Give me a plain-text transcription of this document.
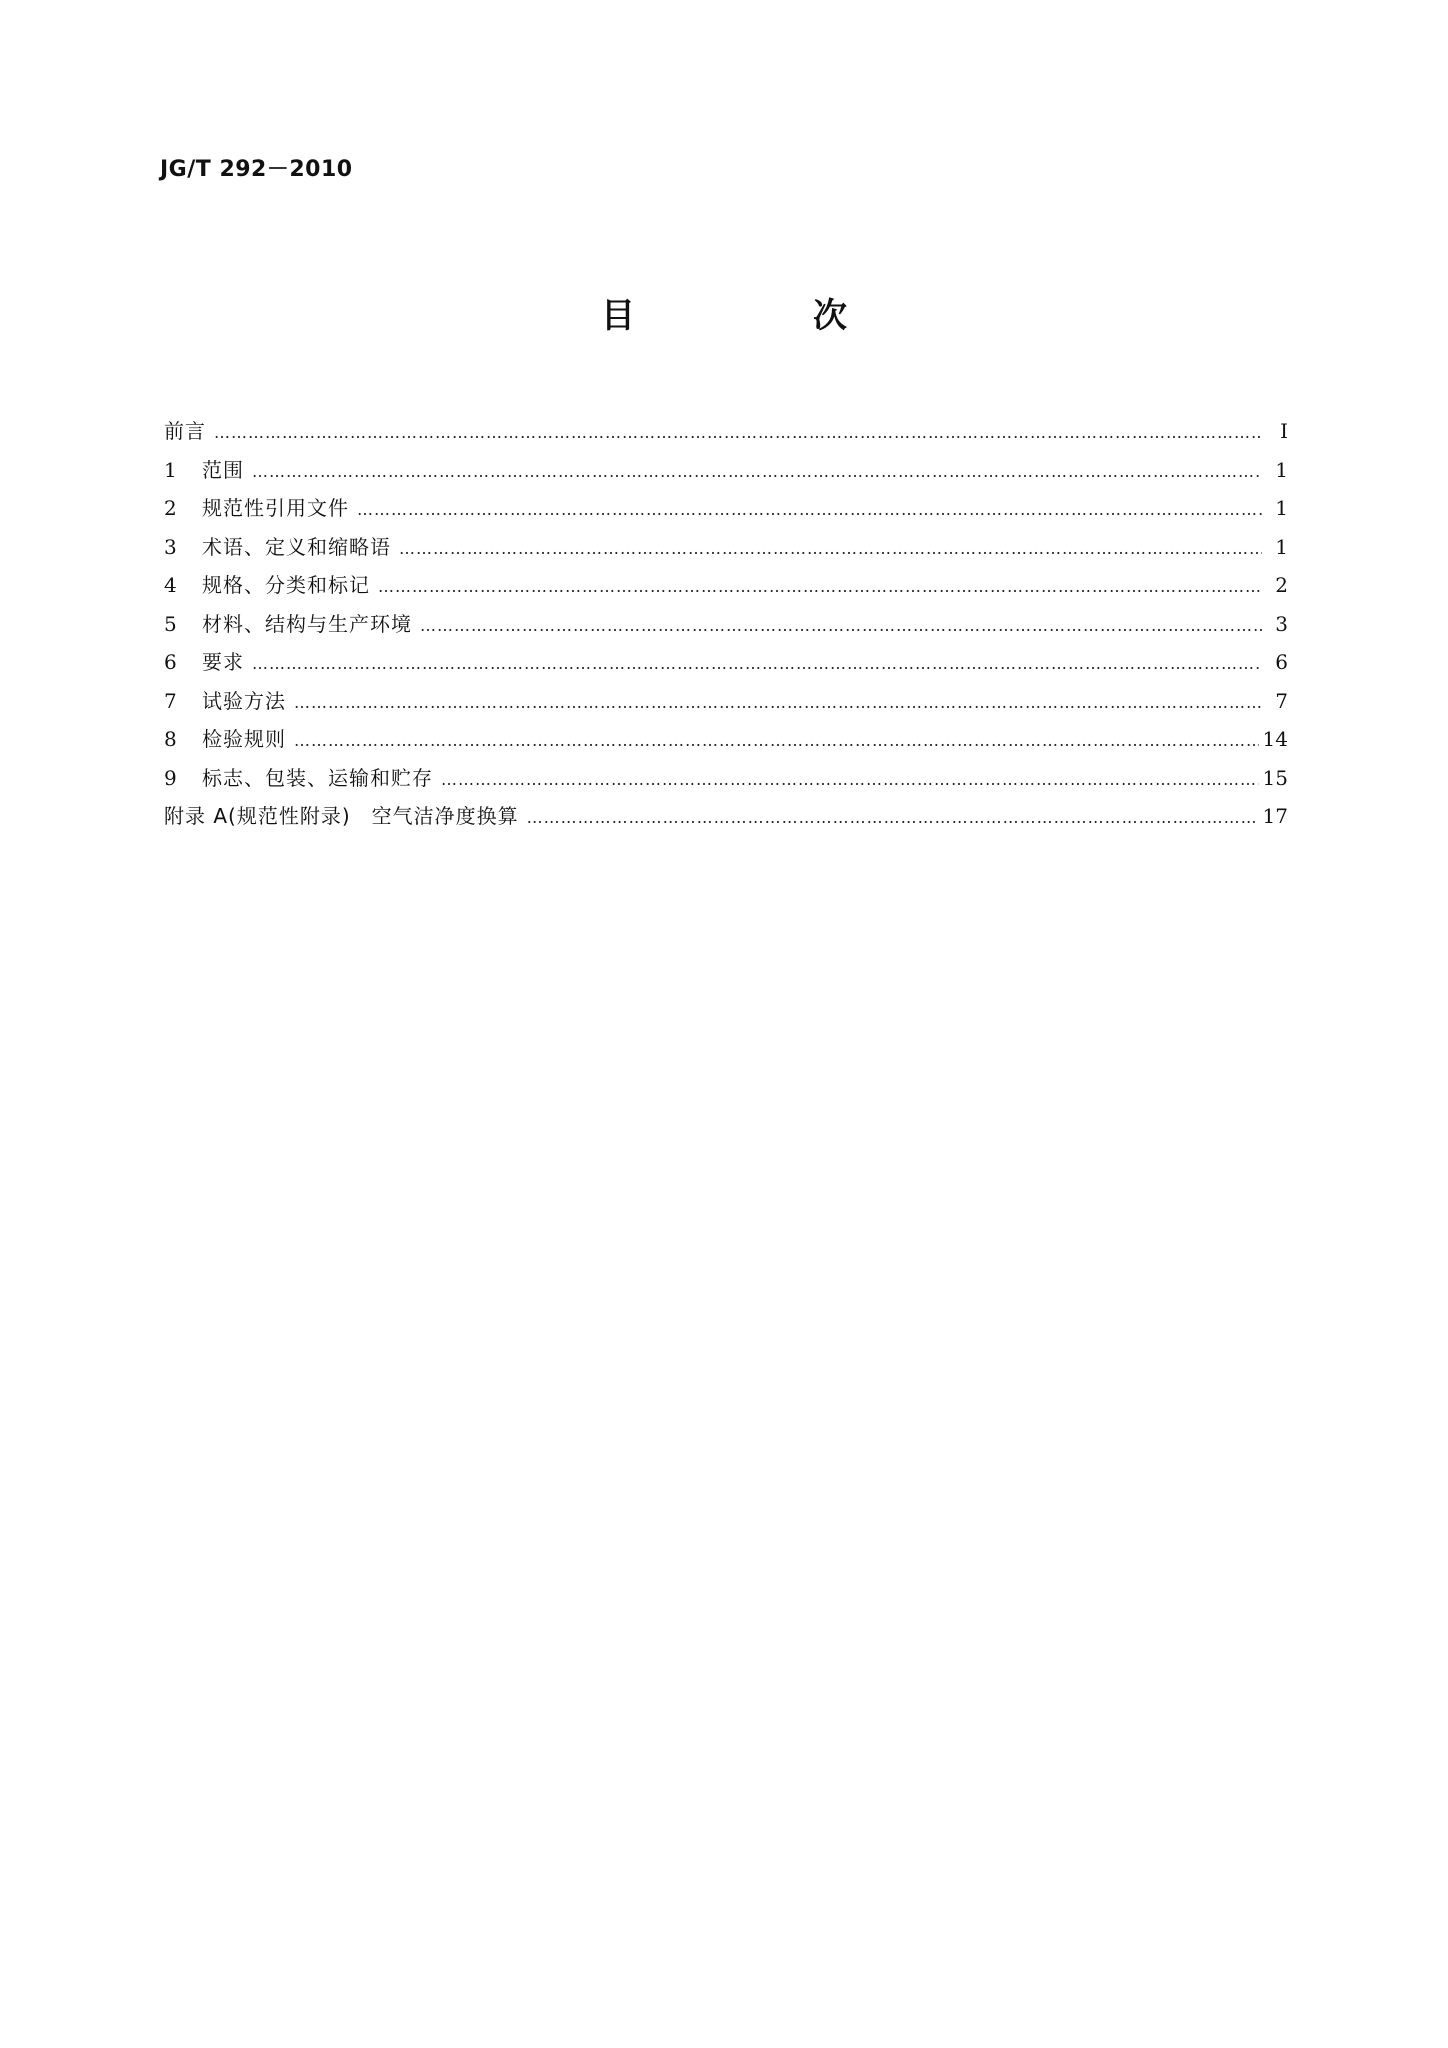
JG/T 292－2010
目　次
前言 …………………………………………………………………………………………………………………………………………………………………………………………………………………………………………………………	Ⅰ
1	范围 …………………………………………………………………………………………………………………………………………………………………………………………………………………………………………………………	1
2	规范性引用文件 …………………………………………………………………………………………………………………………………………………………………………………………………………………………………………………………	1
3	术语、定义和缩略语 …………………………………………………………………………………………………………………………………………………………………………………………………………………………………………………………	1
4	规格、分类和标记 …………………………………………………………………………………………………………………………………………………………………………………………………………………………………………………………	2
5	材料、结构与生产环境 …………………………………………………………………………………………………………………………………………………………………………………………………………………………………………………………	3
6	要求 …………………………………………………………………………………………………………………………………………………………………………………………………………………………………………………………	6
7	试验方法 …………………………………………………………………………………………………………………………………………………………………………………………………………………………………………………………	7
8	检验规则 …………………………………………………………………………………………………………………………………………………………………………………………………………………………………………………………	14
9	标志、包装、运输和贮存 …………………………………………………………………………………………………………………………………………………………………………………………………………………………………………………………	15
附录 A(规范性附录)　空气洁净度换算 …………………………………………………………………………………………………………………………………………………………………………………………………………………………………………………………	17
